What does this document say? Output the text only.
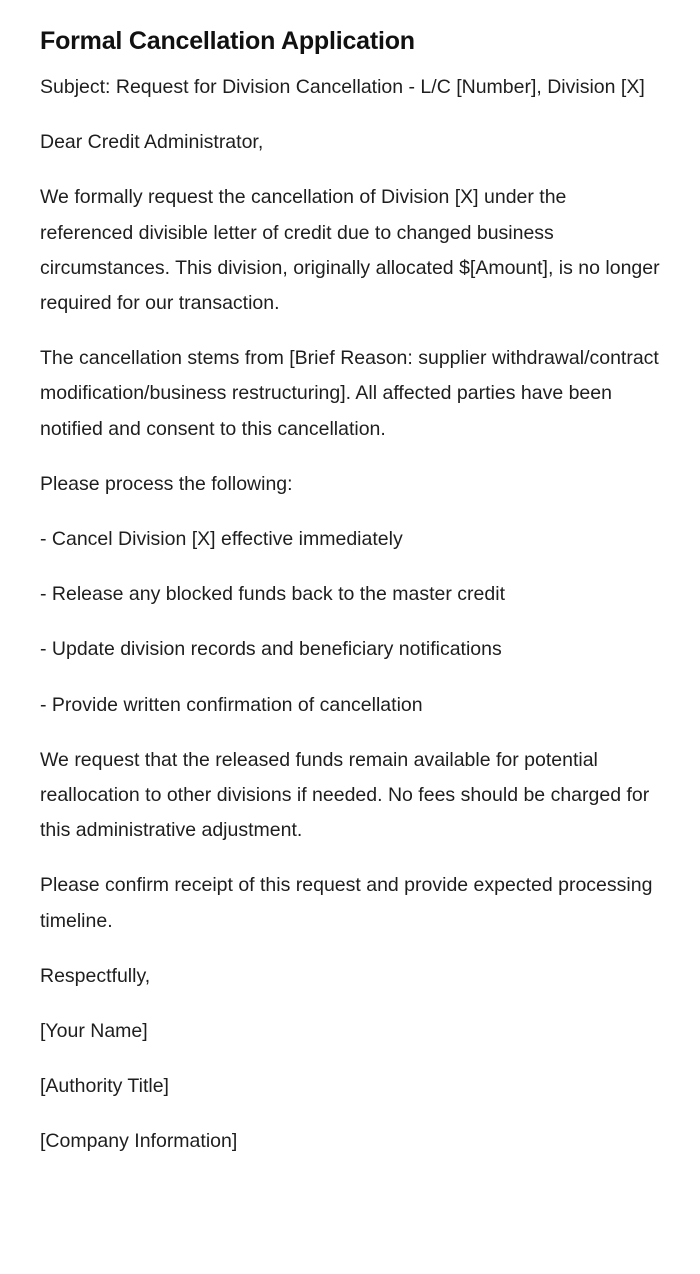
Formal Cancellation Application

Subject: Request for Division Cancellation - L/C [Number], Division [X]

Dear Credit Administrator,

We formally request the cancellation of Division [X] under the referenced divisible letter of credit due to changed business circumstances. This division, originally allocated $[Amount], is no longer required for our transaction.

The cancellation stems from [Brief Reason: supplier withdrawal/contract modification/business restructuring]. All affected parties have been notified and consent to this cancellation.

Please process the following:

- Cancel Division [X] effective immediately

- Release any blocked funds back to the master credit

- Update division records and beneficiary notifications

- Provide written confirmation of cancellation

We request that the released funds remain available for potential reallocation to other divisions if needed. No fees should be charged for this administrative adjustment.

Please confirm receipt of this request and provide expected processing timeline.

Respectfully,

[Your Name]

[Authority Title]

[Company Information]
